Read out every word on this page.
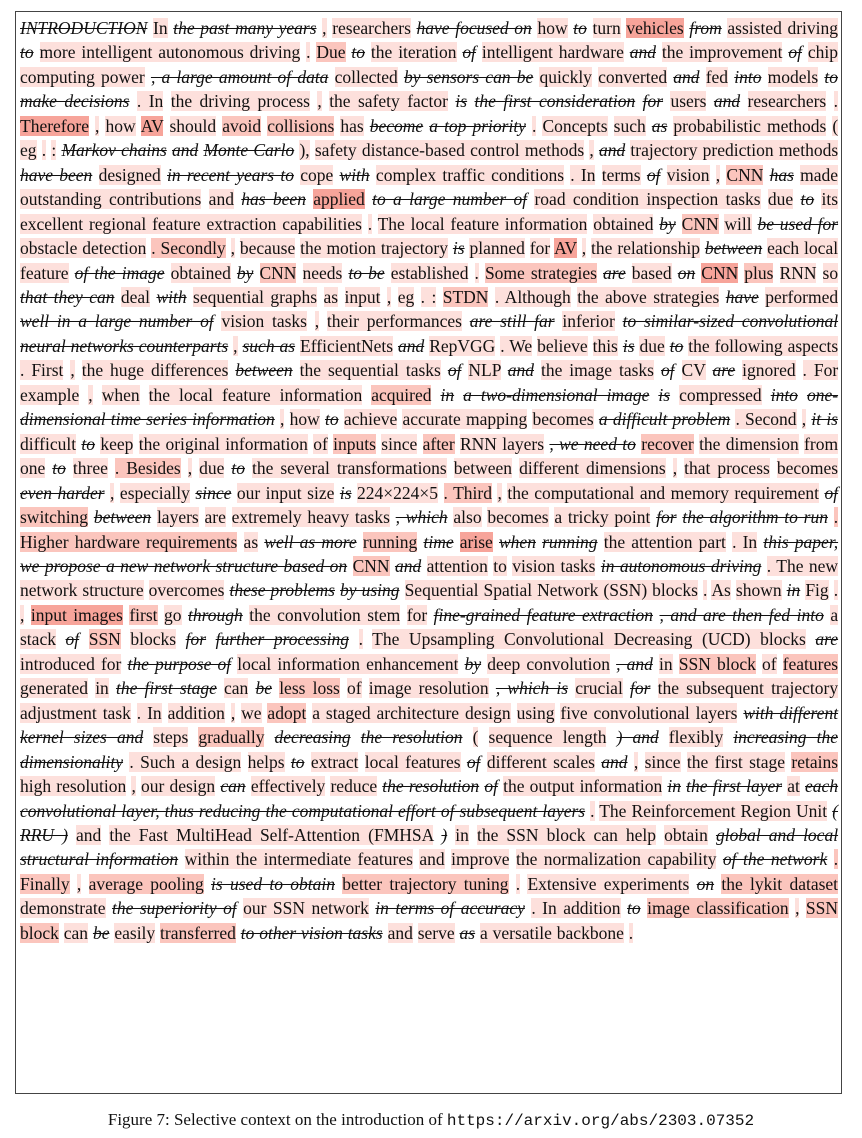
INTRODUCTION In the past many years , researchers have focused on how to turn vehicles from assisted driving to more intelligent autonomous driving . Due to the iteration of intelligent hardware and the improvement of chip computing power , a large amount of data collected by sensors can be quickly converted and fed into models to make decisions . In the driving process , the safety factor is the first consideration for users and researchers . Therefore , how AV should avoid collisions has become a top priority . Concepts such as probabilistic methods ( eg . : Markov chains and Monte Carlo ), safety distance-based control methods , and trajectory prediction methods have been designed in recent years to cope with complex traffic conditions . In terms of vision , CNN has made outstanding contributions and has been applied to a large number of road condition inspection tasks due to its excellent regional feature extraction capabilities . The local feature information obtained by CNN will be used for obstacle detection . Secondly , because the motion trajectory is planned for AV , the relationship between each local feature of the image obtained by CNN needs to be established . Some strategies are based on CNN plus RNN so that they can deal with sequential graphs as input , eg . : STDN . Although the above strategies have performed well in a large number of vision tasks , their performances are still far inferior to similar-sized convolutional neural networks counterparts , such as EfficientNets and RepVGG . We believe this is due to the following aspects . First , the huge differences between the sequential tasks of NLP and the image tasks of CV are ignored . For example , when the local feature information acquired in a two-dimensional image is compressed into one-dimensional time series information , how to achieve accurate mapping becomes a difficult problem . Second , it is difficult to keep the original information of inputs since after RNN layers , we need to recover the dimension from one to three . Besides , due to the several transformations between different dimensions , that process becomes even harder , especially since our input size is 224×224×5 . Third , the computational and memory requirement of switching between layers are extremely heavy tasks , which also becomes a tricky point for the algorithm to run . Higher hardware requirements as well as more running time arise when running the attention part . In this paper, we propose a new network structure based on CNN and attention to vision tasks in autonomous driving . The new network structure overcomes these problems by using Sequential Spatial Network (SSN) blocks . As shown in Fig . , input images first go through the convolution stem for fine-grained feature extraction , and are then fed into a stack of SSN blocks for further processing . The Upsampling Convolutional Decreasing (UCD) blocks are introduced for the purpose of local information enhancement by deep convolution , and in SSN block of features generated in the first stage can be less loss of image resolution , which is crucial for the subsequent trajectory adjustment task . In addition , we adopt a staged architecture design using five convolutional layers with different kernel sizes and steps gradually decreasing the resolution ( sequence length ) and flexibly increasing the dimensionality . Such a design helps to extract local features of different scales and , since the first stage retains high resolution , our design can effectively reduce the resolution of the output information in the first layer at each convolutional layer, thus reducing the computational effort of subsequent layers . The Reinforcement Region Unit ( RRU ) and the Fast MultiHead Self-Attention (FMHSA ) in the SSN block can help obtain global and local structural information within the intermediate features and improve the normalization capability of the network . Finally , average pooling is used to obtain better trajectory tuning . Extensive experiments on the lykit dataset demonstrate the superiority of our SSN network in terms of accuracy . In addition to image classification , SSN block can be easily transferred to other vision tasks and serve as a versatile backbone .

Figure 7: Selective context on the introduction of https://arxiv.org/abs/2303.07352
